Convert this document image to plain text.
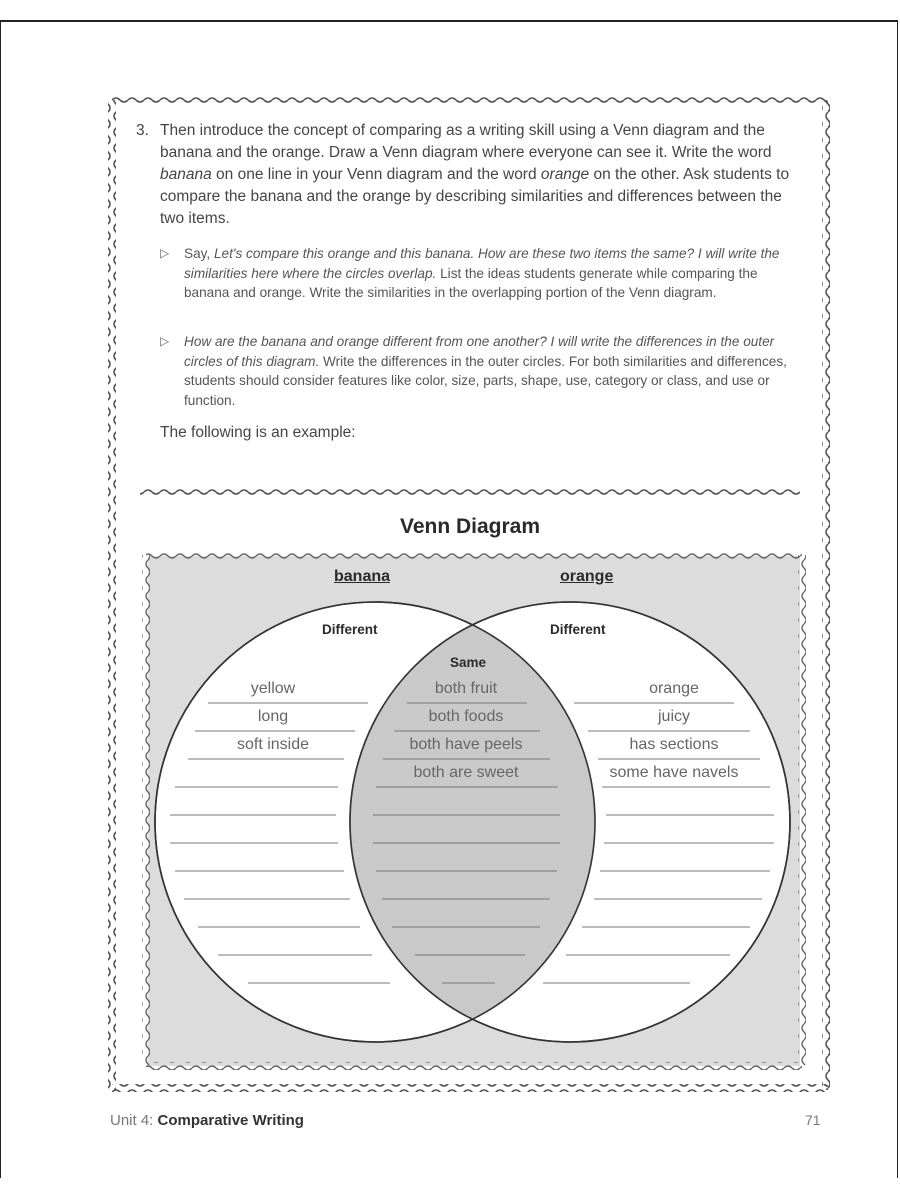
3. Then introduce the concept of comparing as a writing skill using a Venn diagram and the banana and the orange. Draw a Venn diagram where everyone can see it. Write the word banana on one line in your Venn diagram and the word orange on the other. Ask students to compare the banana and the orange by describing similarities and differences between the two items.
▷	Say, Let's compare this orange and this banana. How are these two items the same? I will write the similarities here where the circles overlap. List the ideas students generate while comparing the banana and orange. Write the similarities in the overlapping portion of the Venn diagram.
▷	How are the banana and orange different from one another? I will write the differences in the outer circles of this diagram. Write the differences in the outer circles. For both similarities and differences, students should consider features like color, size, parts, shape, use, category or class, and use or function.
The following is an example:
Venn Diagram
banana	orange
Different	Different
Same
yellow
long
soft inside
both fruit
both foods
both have peels
both are sweet
orange
juicy
has sections
some have navels
Unit 4: Comparative Writing	71
